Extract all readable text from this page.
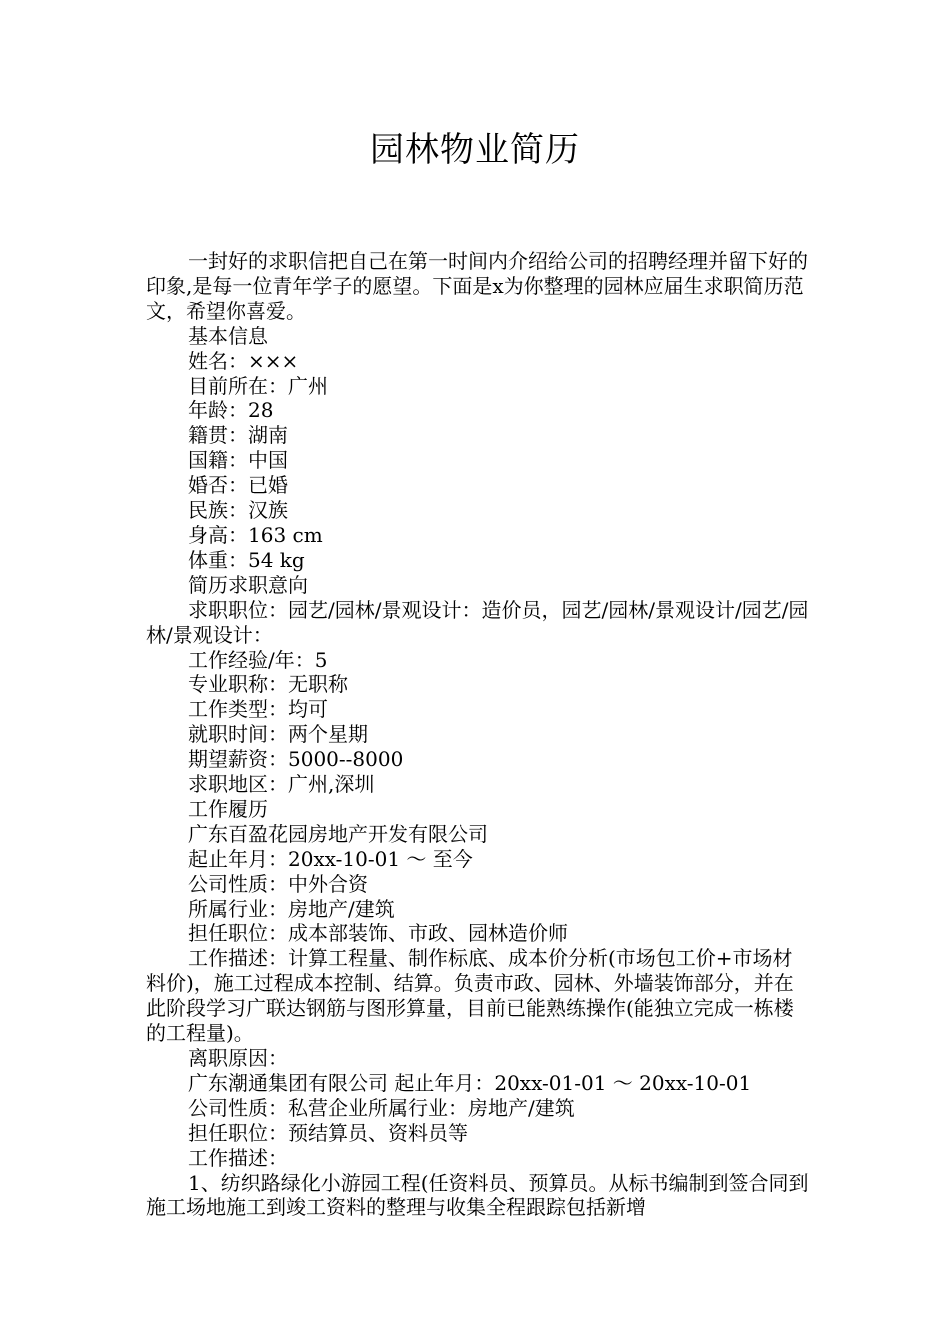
园林物业简历

一封好的求职信把自己在第一时间内介绍给公司的招聘经理并留下好的印象,是每一位青年学子的愿望。下面是x为你整理的园林应届生求职简历范文，希望你喜爱。

基本信息

姓名：×××

目前所在：广州

年龄：28

籍贯：湖南

国籍：中国

婚否：已婚

民族：汉族

身高：163 cm

体重：54 kg

简历求职意向

求职职位：园艺/园林/景观设计：造价员，园艺/园林/景观设计/园艺/园林/景观设计：

工作经验/年：5

专业职称：无职称

工作类型：均可

就职时间：两个星期

期望薪资：5000--8000

求职地区：广州,深圳

工作履历

广东百盈花园房地产开发有限公司

起止年月：20xx-10-01 ～ 至今

公司性质：中外合资

所属行业：房地产/建筑

担任职位：成本部装饰、市政、园林造价师

工作描述：计算工程量、制作标底、成本价分析(市场包工价+市场材料价)，施工过程成本控制、结算。负责市政、园林、外墙装饰部分，并在此阶段学习广联达钢筋与图形算量，目前已能熟练操作(能独立完成一栋楼的工程量)。

离职原因：

广东潮通集团有限公司 起止年月：20xx-01-01 ～ 20xx-10-01

公司性质：私营企业所属行业：房地产/建筑

担任职位：预结算员、资料员等

工作描述：

1、纺织路绿化小游园工程(任资料员、预算员。从标书编制到签合同到施工场地施工到竣工资料的整理与收集全程跟踪包括新增
